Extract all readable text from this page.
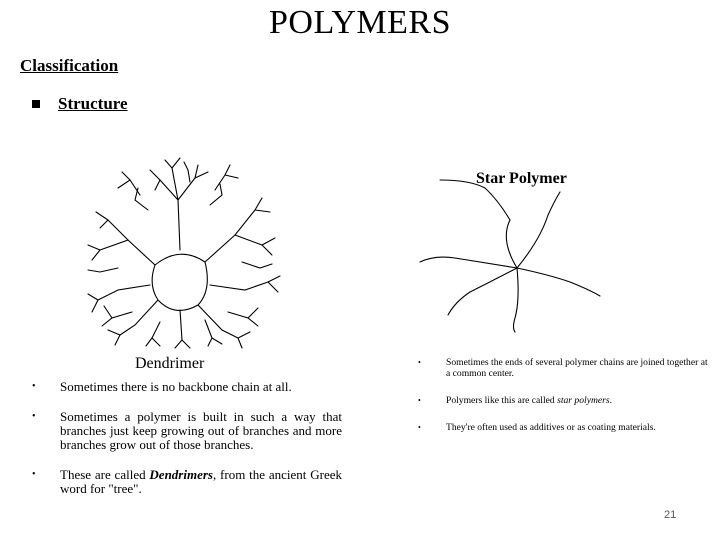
POLYMERS
Classification
Structure
Dendrimer
Star Polymer
• Sometimes there is no backbone chain at all.
• Sometimes a polymer is built in such a way that branches just keep growing out of branches and more branches grow out of those branches.
• These are called Dendrimers, from the ancient Greek word for "tree".
•	Sometimes the ends of several polymer chains are joined together at a common center.
•	Polymers like this are called star polymers.
•	They're often used as additives or as coating materials.
21
